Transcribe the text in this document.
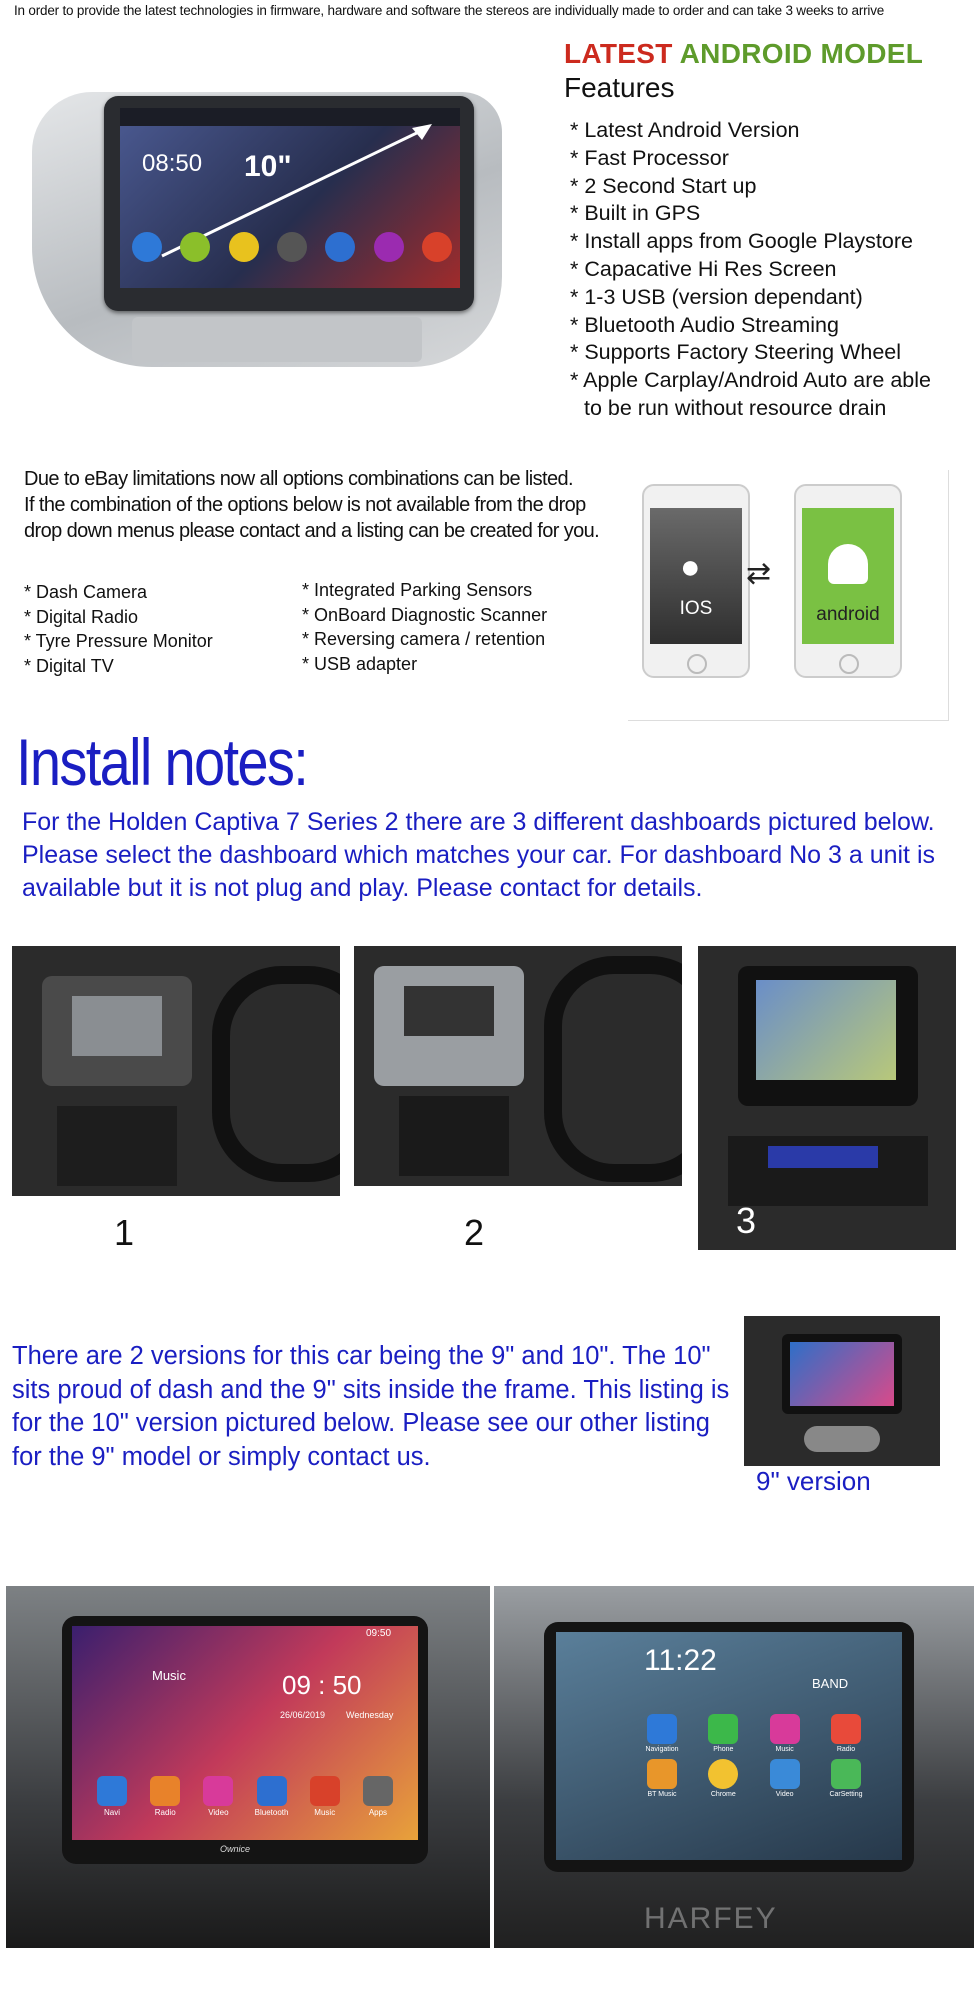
In order to provide the latest technologies in firmware, hardware and software the stereos are individually made to order and can take 3 weeks to arrive
08:50 10"
LATEST ANDROID MODEL
Features
* Latest Android Version
* Fast Processor
* 2 Second Start up
* Built in GPS
* Install apps from Google Playstore
* Capacative Hi Res Screen
* 1-3 USB (version dependant)
* Bluetooth Audio Streaming
* Supports Factory Steering Wheel
* Apple Carplay/Android Auto are able
to be run without resource drain
Due to eBay limitations now all options combinations can be listed.
If the combination of the options below is not available from the drop
drop down menus please contact and a listing can be created for you.
* Dash Camera
* Digital Radio
* Tyre Pressure Monitor
* Digital TV
* Integrated Parking Sensors
* OnBoard Diagnostic Scanner
* Reversing camera / retention
* USB adapter
●
IOS
⇄
android
Install notes:
For the Holden Captiva 7 Series 2 there are 3 different dashboards pictured below. Please select the dashboard which matches your car. For dashboard No 3 a unit is available but it is not plug and play. Please contact for details.
1	2	3
There are 2 versions for this car being the 9" and 10". The 10" sits proud of dash and the 9" sits inside the frame. This listing is for the 10" version pictured below. Please see our other listing for the 9" model or simply contact us.
9" version
09:50
Music	09 : 50
26/06/2019 Wednesday
Navi	Radio	Video	Bluetooth	Music	Apps
Ownice
11:22
BAND
Navigation	Phone	Music	Radio
BT Music	Chrome	Video	CarSetting
HARFEY
